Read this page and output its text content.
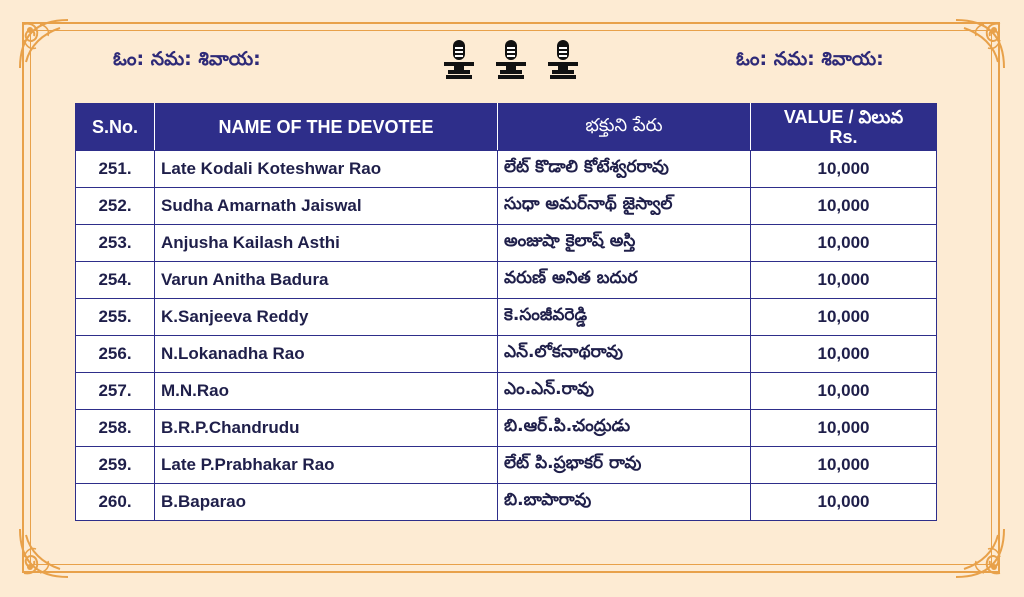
ఓం: నమ: శివాయ:	ఓం: నమ: శివాయ:
S.No.	NAME OF THE DEVOTEE	భక్తుని పేరు	VALUE / విలువ
Rs.

251.	Late Kodali Koteshwar Rao	లేట్ కొడాలి కోటేశ్వరరావు	10,000
252.	Sudha Amarnath Jaiswal	సుధా అమర్‌నాథ్ జైస్వాల్	10,000
253.	Anjusha Kailash Asthi	అంజుషా కైలాష్ అస్తి	10,000
254.	Varun Anitha Badura	వరుణ్ అనిత బదుర	10,000
255.	K.Sanjeeva Reddy	కె.సంజీవరెడ్డి	10,000
256.	N.Lokanadha Rao	ఎన్.లోకనాథరావు	10,000
257.	M.N.Rao	ఎం.ఎన్.రావు	10,000
258.	B.R.P.Chandrudu	బి.ఆర్.పి.చంద్రుడు	10,000
259.	Late P.Prabhakar Rao	లేట్ పి.ప్రభాకర్ రావు	10,000
260.	B.Baparao	బి.బాపారావు	10,000
